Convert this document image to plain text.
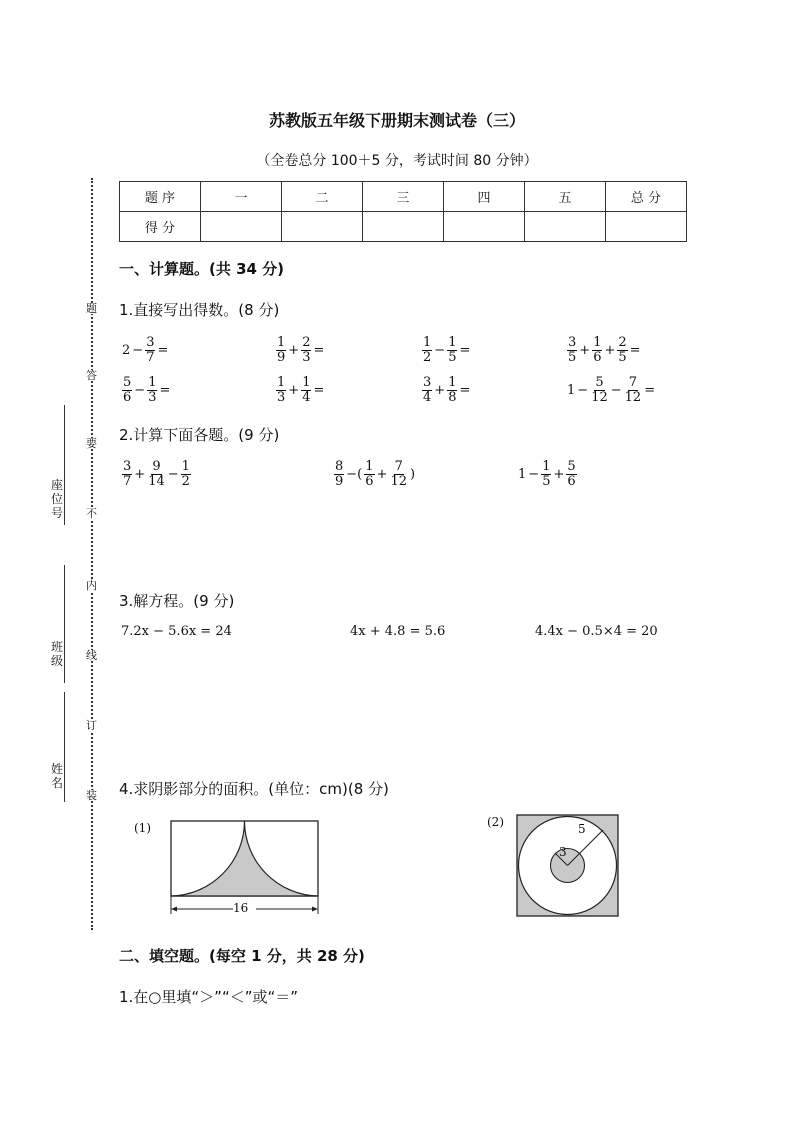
题
答
要
不
内
线
订
装
座位号
班级
姓名
苏教版五年级下册期末测试卷（三）
（全卷总分 100＋5 分，考试时间 80 分钟）
题 序	一	二	三	四	五	总 分
得 分						
一、计算题。(共 34 分)
1.直接写出得数。(8 分)
$2 - \frac{3}{7}$ =	$\frac{1}{9} + \frac{2}{3}$ =	$\frac{1}{2} - \frac{1}{5}$ =	$\frac{3}{5} + \frac{1}{6} + \frac{2}{5}$ =
$\frac{5}{6} - \frac{1}{3}$ =	$\frac{1}{3} + \frac{1}{4}$ =	$\frac{3}{4} + \frac{1}{8}$ =	$1 - \frac{5}{12} - \frac{7}{12}$ =
2.计算下面各题。(9 分)
$\frac{3}{7} + \frac{9}{14} - \frac{1}{2}$	$\frac{8}{9}$ −( $\frac{1}{6} + \frac{7}{12}$ )	$1 - \frac{1}{5} + \frac{5}{6}$
3.解方程。(9 分)
7.2x − 5.6x = 24	4x + 4.8 = 5.6	4.4x − 0.5×4 = 20
4.求阴影部分的面积。(单位：cm)(8 分)
(1)
16
(2)	5
3
二、填空题。(每空 1 分，共 28 分)
1.在○里填“＞”“＜”或“＝”
